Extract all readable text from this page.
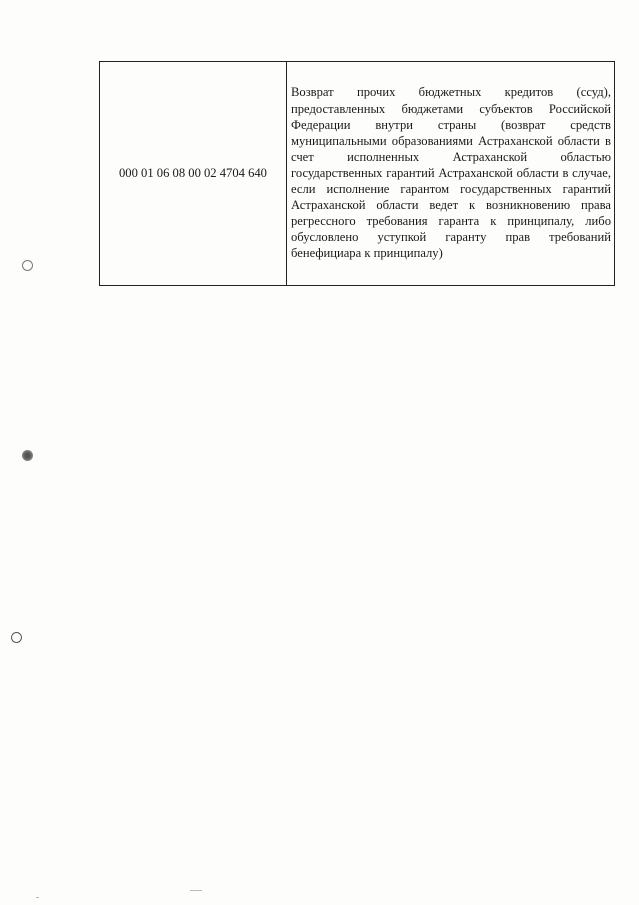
000 01 06 08 00 02 4704 640	Возврат прочих бюджетных кредитов (ссуд), предоставленных бюджетами субъектов Российской Федерации внутри страны (возврат средств муниципальными образованиями Астраханской области в счет исполненных Астраханской областью государственных гарантий Астраханской области в случае, если исполнение гарантом государственных гарантий Астраханской области ведет к возникновению права регрессного требования гаранта к принципалу, либо обусловлено уступкой гаранту прав требований бенефициара к принципалу)
